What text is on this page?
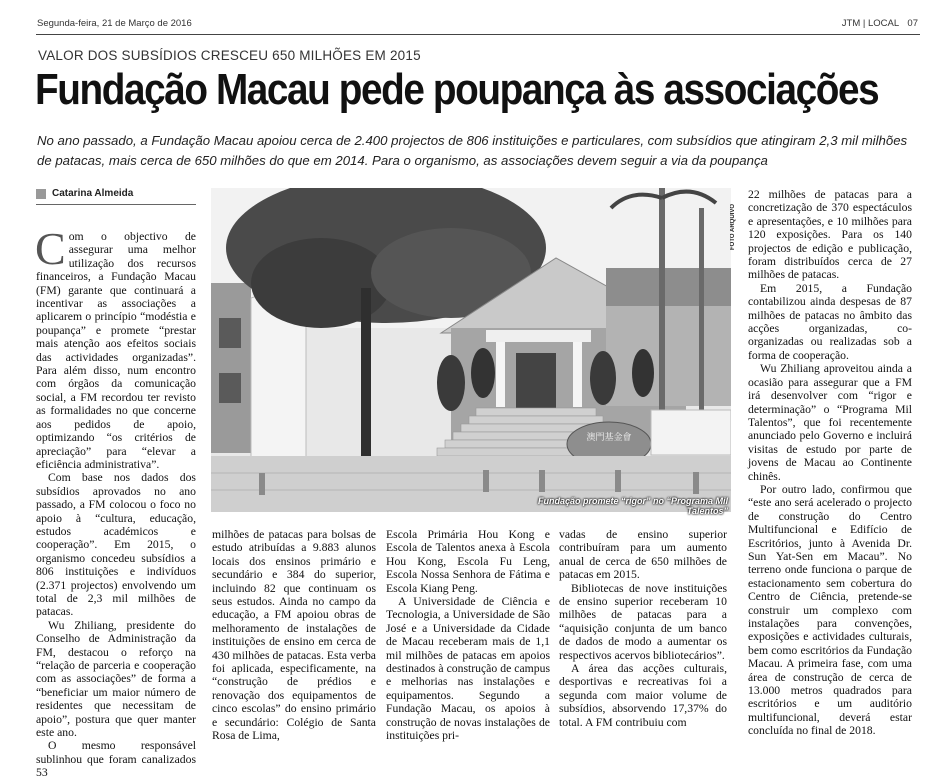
Segunda-feira, 21 de Março de 2016	JTM | LOCAL 07
VALOR DOS SUBSÍDIOS CRESCEU 650 MILHÕES EM 2015
Fundação Macau pede poupança às associações
No ano passado, a Fundação Macau apoiou cerca de 2.400 projectos de 806 instituições e particulares, com subsídios que atingiram 2,3 mil milhões de patacas, mais cerca de 650 milhões do que em 2014. Para o organismo, as associações devem seguir a via da poupança
Catarina Almeida

Com o objectivo de assegurar uma melhor utilização dos recursos financeiros, a Fundação Macau (FM) garante que continuará a incentivar as associações a aplicarem o princípio “modéstia e poupança” e promete “prestar mais atenção aos efeitos sociais das actividades organizadas”. Para além disso, num encontro com órgãos da comunicação social, a FM recordou ter revisto as formalidades no que concerne aos pedidos de apoio, optimizando “os critérios de apreciação” para “elevar a eficiência administrativa”.

Com base nos dados dos subsídios aprovados no ano passado, a FM colocou o foco no apoio à “cultura, educação, estudos académicos e cooperação”. Em 2015, o organismo concedeu subsídios a 806 instituições e indivíduos (2.371 projectos) envolvendo um total de 2,3 mil milhões de patacas.

Wu Zhiliang, presidente do Conselho de Administração da FM, destacou o reforço na “relação de parceria e cooperação com as associações” de forma a “beneficiar um maior número de residentes que necessitam de apoio”, postura que quer manter este ano.

O mesmo responsável sublinhou que foram canalizados 53

澳門基金會
FOTO ARQUIVO
Fundação promete “rigor” no “Programa Mil Talentos”

milhões de patacas para bolsas de estudo atribuídas a 9.883 alunos locais dos ensinos primário e secundário e 384 do superior, incluindo 82 que continuam os seus estudos. Ainda no campo da educação, a FM apoiou obras de melhoramento de instalações de instituições de ensino em cerca de 430 milhões de patacas. Esta verba foi aplicada, especificamente, na “construção de prédios e renovação dos equipamentos de cinco escolas” do ensino primário e secundário: Colégio de Santa Rosa de Lima,

Escola Primária Hou Kong e Escola de Talentos anexa à Escola Hou Kong, Escola Fu Leng, Escola Nossa Senhora de Fátima e Escola Kiang Peng.

A Universidade de Ciência e Tecnologia, a Universidade de São José e a Universidade da Cidade de Macau receberam mais de 1,1 mil milhões de patacas em apoios destinados à construção de campus e melhorias nas instalações e equipamentos. Segundo a Fundação Macau, os apoios à construção de novas instalações de instituições pri-

vadas de ensino superior contribuíram para um aumento anual de cerca de 650 milhões de patacas em 2015.

Bibliotecas de nove instituições de ensino superior receberam 10 milhões de patacas para a “aquisição conjunta de um banco de dados de modo a aumentar os respectivos acervos bibliotecários”.

A área das acções culturais, desportivas e recreativas foi a segunda com maior volume de subsídios, absorvendo 17,37% do total. A FM contribuiu com

22 milhões de patacas para a concretização de 370 espectáculos e apresentações, e 10 milhões para 120 exposições. Para os 140 projectos de edição e publicação, foram distribuídos cerca de 27 milhões de patacas.

Em 2015, a Fundação contabilizou ainda despesas de 87 milhões de patacas no âmbito das acções organizadas, co-organizadas ou realizadas sob a forma de cooperação.

Wu Zhiliang aproveitou ainda a ocasião para assegurar que a FM irá desenvolver com “rigor e determinação” o “Programa Mil Talentos”, que foi recentemente anunciado pelo Governo e incluirá visitas de estudo por parte de jovens de Macau ao Continente chinês.

Por outro lado, confirmou que “este ano será acelerado o projecto de construção do Centro Multifuncional e Edifício de Escritórios, junto à Avenida Dr. Sun Yat-Sen em Macau”. No terreno onde funciona o parque de estacionamento sem cobertura do Centro de Ciência, pretende-se construir um complexo com instalações para convenções, exposições e actividades culturais, bem como escritórios da Fundação Macau. A primeira fase, com uma área de construção de cerca de 13.000 metros quadrados para escritórios e um auditório multifuncional, deverá estar concluída no final de 2018.
